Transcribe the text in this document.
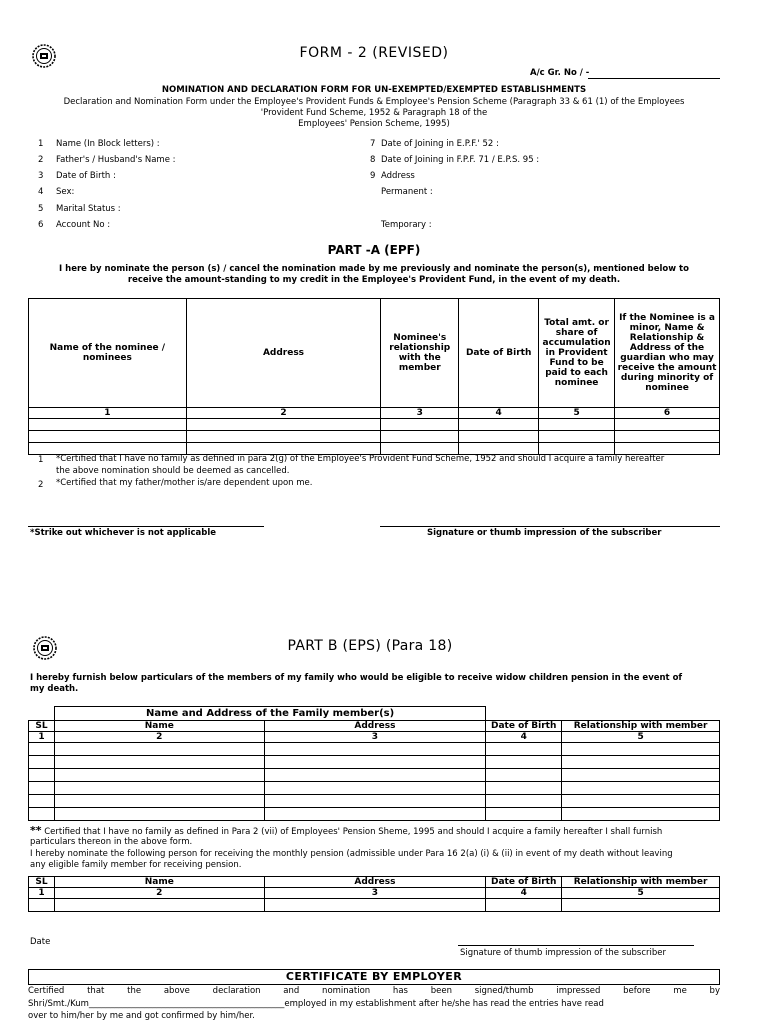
FORM - 2 (REVISED)
A/c Gr. No / -
NOMINATION AND DECLARATION FORM FOR UN-EXEMPTED/EXEMPTED ESTABLISHMENTS
Declaration and Nomination Form under the Employee's Provident Funds & Employee's Pension Scheme (Paragraph 33 & 61 (1) of the Employees
'Provident Fund Scheme, 1952 & Paragraph 18 of the
Employees' Pension Scheme, 1995)
1 Name (In Block letters) :
2 Father's / Husband's Name :
3 Date of Birth :
4 Sex:
5 Marital Status :
6 Account No :
7 Date of Joining in E.P.F.' 52 :
8 Date of Joining in F.P.F. 71 / E.P.S. 95 :
9 Address
Permanent :
Temporary :
PART -A (EPF)
I here by nominate the person (s) / cancel the nomination made by me previously and nominate the person(s), mentioned below to
receive the amount-standing to my credit in the Employee's Provident Fund, in the event of my death.
Name of the nominee / nominees	Address	Nominee's relationship with the member	Date of Birth	Total amt. or share of accumulation in Provident Fund to be paid to each nominee	If the Nominee is a minor, Name & Relationship & Address of the guardian who may receive the amount during minority of nominee
1	2	3	4	5	6

1 *Certified that I have no family as defined in para 2(g) of the Employee's Provident Fund Scheme, 1952 and should I acquire a family hereafter
the above nomination should be deemed as cancelled.
2 *Certified that my father/mother is/are dependent upon me.
*Strike out whichever is not applicable	Signature or thumb impression of the subscriber
PART B (EPS) (Para 18)
I hereby furnish below particulars of the members of my family who would be eligible to receive widow children pension in the event of
my death.
	Name and Address of the Family member(s)			
SL	Name	Address	Date of Birth	Relationship with member
1	2	3	4	5

** Certified that I have no family as defined in Para 2 (vii) of Employees' Pension Sheme, 1995 and should I acquire a family hereafter I shall furnish
particulars thereon in the above form.
I hereby nominate the following person for receiving the monthly pension (admissible under Para 16 2(a) (i) & (ii) in event of my death without leaving
any eligible family member for receiving pension.
SL	Name	Address	Date of Birth	Relationship with member
1	2	3	4	5

Date
Signature of thumb impression of the subscriber
CERTIFICATE BY EMPLOYER
Certified that the above declaration and nomination has been signed/thumb impressed before me by
Shri/Smt./Kum______________________________________________employed in my establishment after he/she has read the entries have read
over to him/her by me and got confirmed by him/her.
